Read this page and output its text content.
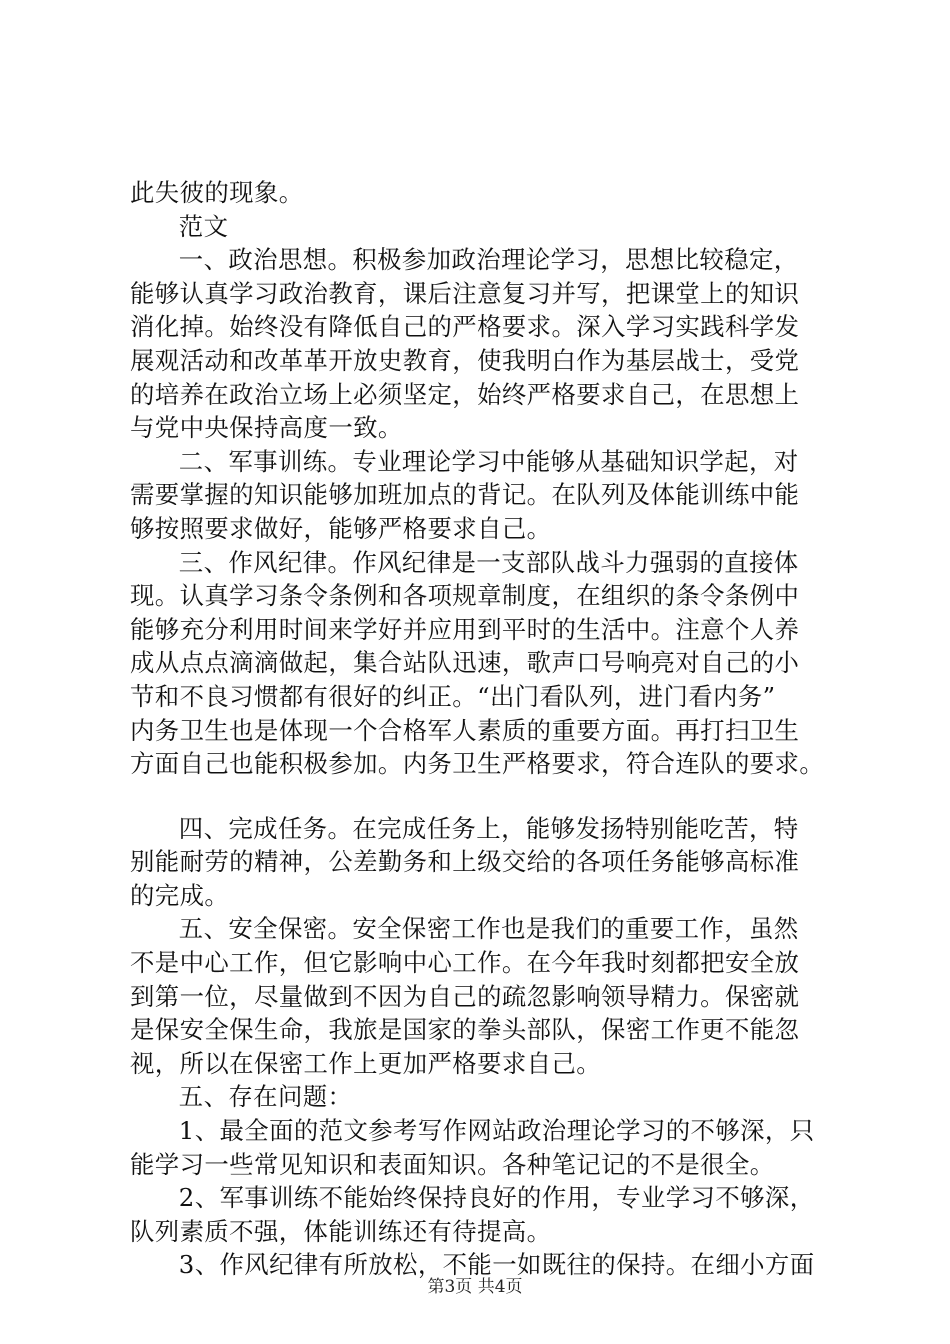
此失彼的现象。
范文
一、政治思想。积极参加政治理论学习，思想比较稳定，
能够认真学习政治教育，课后注意复习并写，把课堂上的知识
消化掉。始终没有降低自己的严格要求。深入学习实践科学发
展观活动和改革革开放史教育，使我明白作为基层战士，受党
的培养在政治立场上必须坚定，始终严格要求自己，在思想上
与党中央保持高度一致。
二、军事训练。专业理论学习中能够从基础知识学起，对
需要掌握的知识能够加班加点的背记。在队列及体能训练中能
够按照要求做好，能够严格要求自己。
三、作风纪律。作风纪律是一支部队战斗力强弱的直接体
现。认真学习条令条例和各项规章制度，在组织的条令条例中
能够充分利用时间来学好并应用到平时的生活中。注意个人养
成从点点滴滴做起，集合站队迅速，歌声口号响亮对自己的小
节和不良习惯都有很好的纠正。“出门看队列，进门看内务”
内务卫生也是体现一个合格军人素质的重要方面。再打扫卫生
方面自己也能积极参加。内务卫生严格要求，符合连队的要求。
四、完成任务。在完成任务上，能够发扬特别能吃苦，特
别能耐劳的精神，公差勤务和上级交给的各项任务能够高标准
的完成。
五、安全保密。安全保密工作也是我们的重要工作，虽然
不是中心工作，但它影响中心工作。在今年我时刻都把安全放
到第一位，尽量做到不因为自己的疏忽影响领导精力。保密就
是保安全保生命，我旅是国家的拳头部队，保密工作更不能忽
视，所以在保密工作上更加严格要求自己。
五、存在问题：
1、最全面的范文参考写作网站政治理论学习的不够深，只
能学习一些常见知识和表面知识。各种笔记记的不是很全。
2、军事训练不能始终保持良好的作用，专业学习不够深，
队列素质不强，体能训练还有待提高。
3、作风纪律有所放松，不能一如既往的保持。在细小方面
第3页 共4页
